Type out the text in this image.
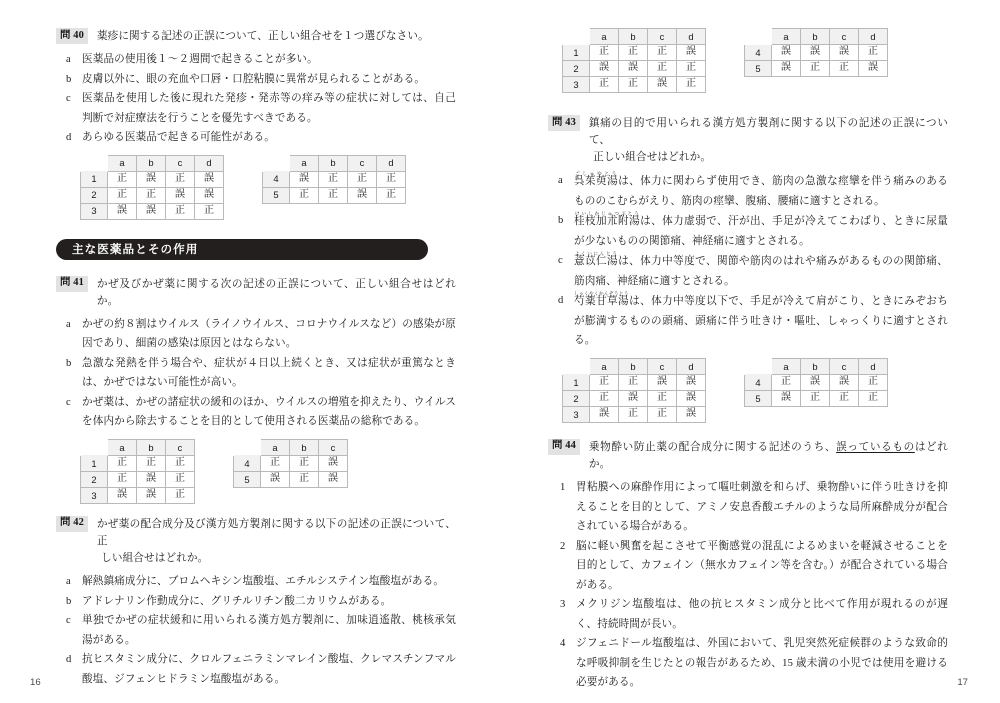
問 40	薬疹に関する記述の正誤について、正しい組合せを１つ選びなさい。
a	医薬品の使用後１～２週間で起きることが多い。
b 皮膚以外に、眼の充血や口唇・口腔粘膜に異常が見られることがある。
c	医薬品を使用した後に現れた発疹・発赤等の痒み等の症状に対しては、自己判断で対症療法を行うことを優先すべきである。
d あらゆる医薬品で起きる可能性がある。
	a	b	c	d
1	正	誤	正	誤
2	正	正	誤	誤
3	誤	誤	正	正
	a	b	c	d
4	誤	正	正	正
5	正	正	誤	正
主な医薬品とその作用
問 41	かぜ及びかぜ薬に関する次の記述の正誤について、正しい組合せはどれか。
a	かぜの約８割はウイルス（ライノウイルス、コロナウイルスなど）の感染が原因であり、細菌の感染は原因とはならない。
b 急激な発熱を伴う場合や、症状が４日以上続くとき、又は症状が重篤なときは、かぜではない可能性が高い。
c	かぜ薬は、かぜの諸症状の緩和のほか、ウイルスの増殖を抑えたり、ウイルスを体内から除去することを目的として使用される医薬品の総称である。
	a	b	c
1	正	正	正
2	正	誤	正
3	誤	誤	正
	a	b	c
4	正	正	誤
5	誤	正	誤
問 42	かぜ薬の配合成分及び漢方処方製剤に関する以下の記述の正誤について、正
しい組合せはどれか。
a	解熱鎮痛成分に、ブロムヘキシン塩酸塩、エチルシステイン塩酸塩がある。
b アドレナリン作動成分に、グリチルリチン酸二カリウムがある。
c	単独でかぜの症状緩和に用いられる漢方処方製剤に、加味逍遙散、桃核承気湯がある。
d 抗ヒスタミン成分に、クロルフェニラミンマレイン酸塩、クレマスチンフマル酸塩、ジフェンヒドラミン塩酸塩がある。
16
	a	b	c	d
1	正	正	正	誤
2	誤	誤	正	正
3	正	正	誤	正
	a	b	c	d
4	誤	誤	誤	正
5	誤	正	正	誤
問 43	鎮痛の目的で用いられる漢方処方製剤に関する以下の記述の正誤について、
正しい組合せはどれか。
a	呉茱萸湯ごしゅゆとうは、体力に関わらず使用でき、筋肉の急激な痙攣を伴う痛みのあるもののこむらがえり、筋肉の痙攣、腹痛、腰痛に適すとされる。
b 桂枝加朮附湯けいしかじゅつぶとうは、体力虚弱で、汗が出、手足が冷えてこわばり、ときに尿量が少ないものの関節痛、神経痛に適すとされる。
c	薏苡仁湯よくいにんとうは、体力中等度で、関節や筋肉のはれや痛みがあるものの関節痛、筋肉痛、神経痛に適すとされる。
d 芍薬甘草湯しゃくやくかんぞうとうは、体力中等度以下で、手足が冷えて肩がこり、ときにみぞおちが膨満するものの頭痛、頭痛に伴う吐きけ・嘔吐、しゃっくりに適すとされる。
	a	b	c	d
1	正	正	誤	誤
2	正	誤	正	誤
3	誤	正	正	誤
	a	b	c	d
4	正	誤	誤	正
5	誤	正	正	正
問 44	乗物酔い防止薬の配合成分に関する記述のうち、誤っているものはどれか。
1 胃粘膜への麻酔作用によって嘔吐刺激を和らげ、乗物酔いに伴う吐きけを抑えることを目的として、アミノ安息香酸エチルのような局所麻酔成分が配合されている場合がある。
2 脳に軽い興奮を起こさせて平衡感覚の混乱によるめまいを軽減させることを目的として、カフェイン（無水カフェイン等を含む。）が配合されている場合がある。
3 メクリジン塩酸塩は、他の抗ヒスタミン成分と比べて作用が現れるのが遅く、持続時間が長い。
4 ジフェニドール塩酸塩は、外国において、乳児突然死症候群のような致命的な呼吸抑制を生じたとの報告があるため、15 歳未満の小児では使用を避ける必要がある。	17
